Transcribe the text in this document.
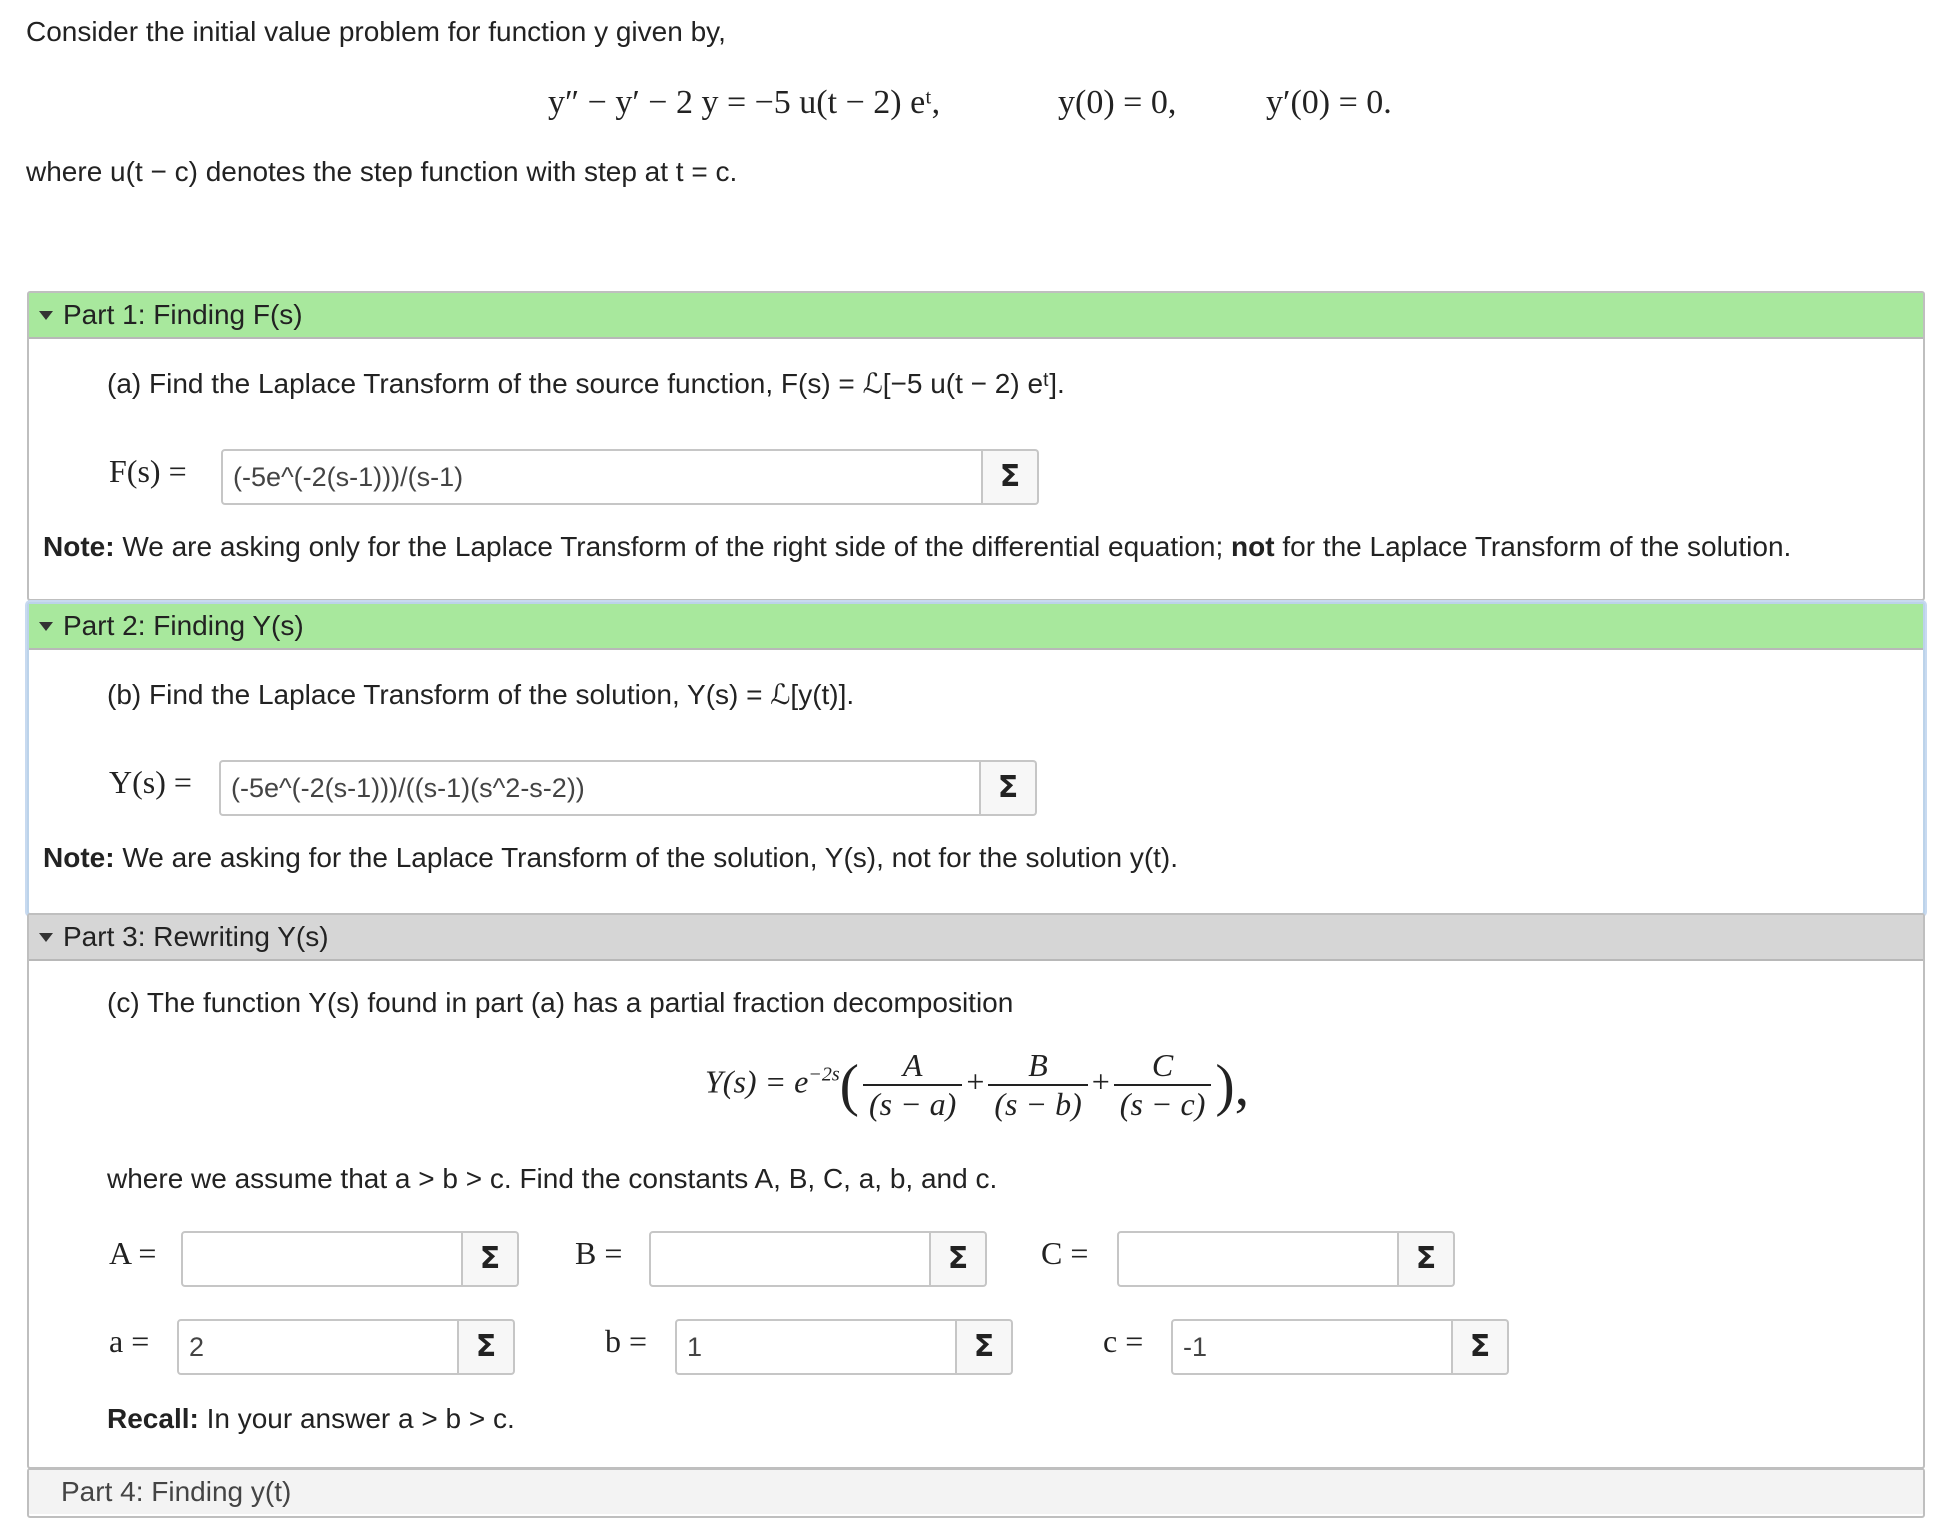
Consider the initial value problem for function y given by,
y″ − y′ − 2 y = −5 u(t − 2) eᵗ,	y(0) = 0,	y′(0) = 0.
where u(t − c) denotes the step function with step at t = c.
Part 1: Finding F(s)
(a) Find the Laplace Transform of the source function, F(s) = ℒ[−5 u(t − 2) eᵗ].
F(s) =	(-5e^(-2(s-1)))/(s-1)	Σ
Note: We are asking only for the Laplace Transform of the right side of the differential equation; not for the Laplace Transform of the solution.
Part 2: Finding Y(s)
(b) Find the Laplace Transform of the solution, Y(s) = ℒ[y(t)].
Y(s) =	(-5e^(-2(s-1)))/((s-1)(s^2-s-2))	Σ
Note: We are asking for the Laplace Transform of the solution, Y(s), not for the solution y(t).
Part 3: Rewriting Y(s)
(c) The function Y(s) found in part (a) has a partial fraction decomposition
$Y(s) = e^{-2s}( \frac{A}{(s - a)} + \frac{B}{(s - b)} + \frac{C}{(s - c)}$ ),
where we assume that a > b > c. Find the constants A, B, C, a, b, and c.
A =	Σ	B =	Σ	C =	Σ
a =	2	Σ	b =	1	Σ	c =	-1	Σ
Recall: In your answer a > b > c.
Part 4: Finding y(t)
